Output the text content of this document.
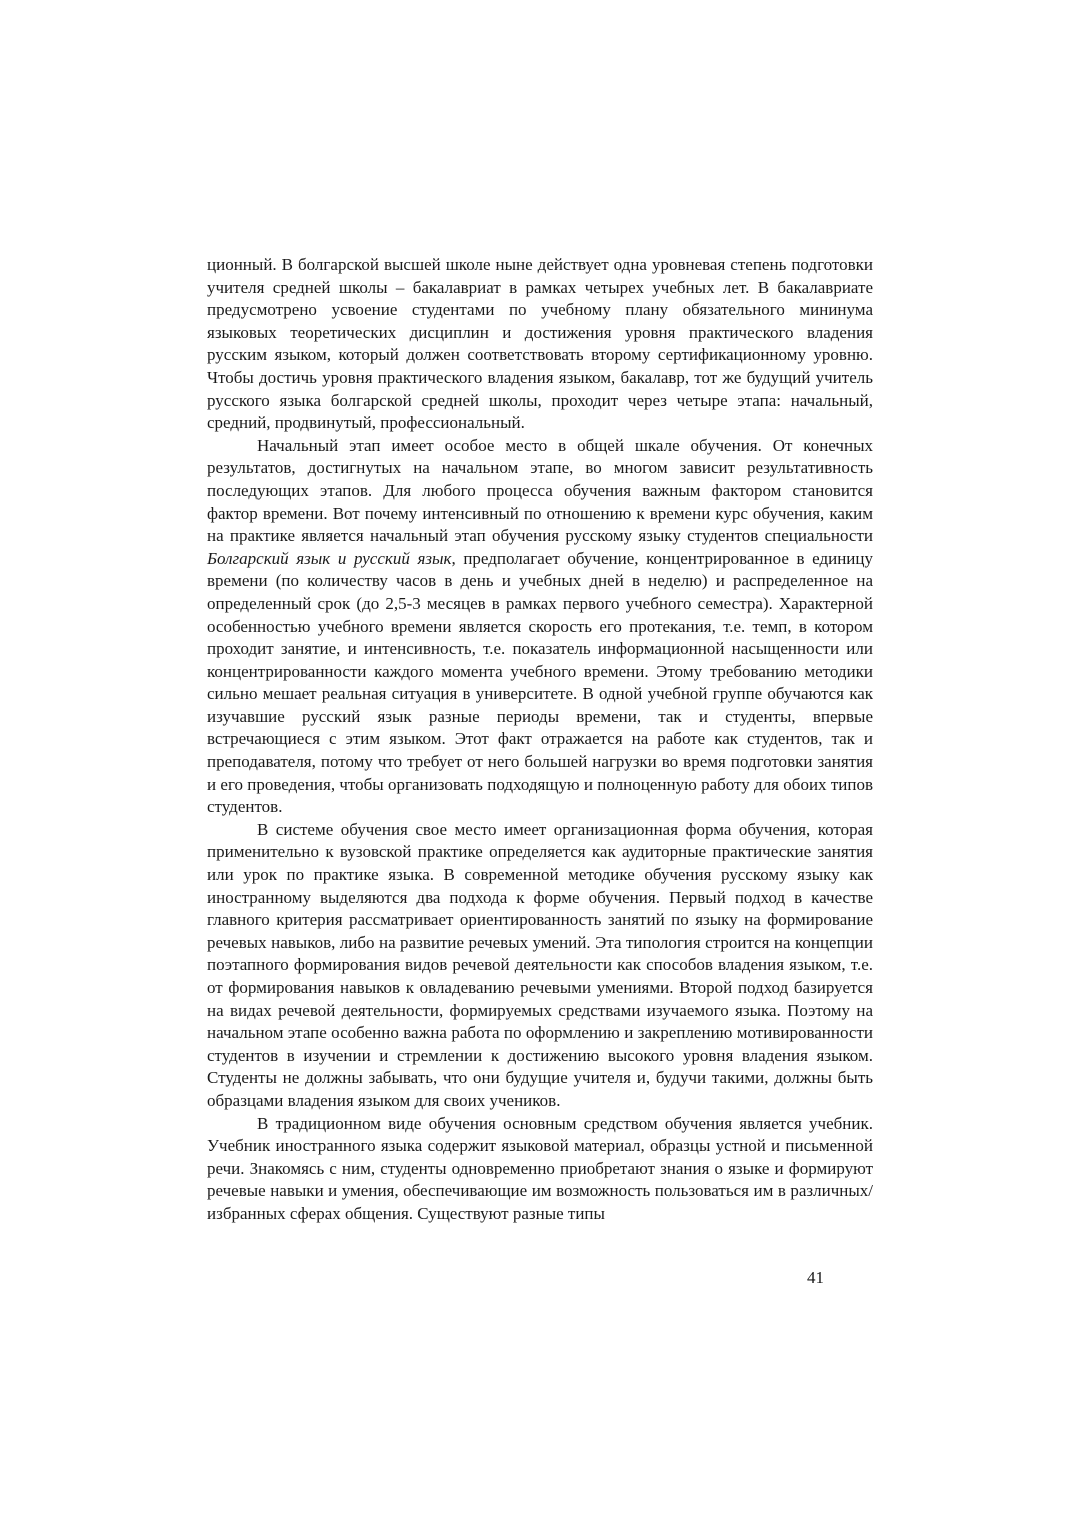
ционный. В болгарской высшей школе ныне действует одна уровневая степень подготовки учителя средней школы – бакалавриат в рамках четырех учебных лет. В бакалавриате предусмотрено усвоение студентами по учебному плану обязательного мининума языковых теоретических дисциплин и достижения уровня практического владения русским языком, который должен соответствовать второму сертификационному уровню. Чтобы достичь уровня практического владения языком, бакалавр, тот же будущий учитель русского языка болгарской средней школы, проходит через четыре этапа: начальный, средний, продвинутый, профессиональный.

Начальный этап имеет особое место в общей шкале обучения. От конечных результатов, достигнутых на начальном этапе, во многом зависит результативность последующих этапов. Для любого процесса обучения важным фактором становится фактор времени. Вот почему интенсивный по отношению к времени курс обучения, каким на практике является начальный этап обучения русскому языку студентов специальности Болгарский язык и русский язык, предполагает обучение, концентрированное в единицу времени (по количеству часов в день и учебных дней в неделю) и распределенное на определенный срок (до 2,5-3 месяцев в рамках первого учебного семестра). Характерной особенностью учебного времени является скорость его протекания, т.е. темп, в котором проходит занятие, и интенсивность, т.е. показатель информационной насыщенности или концентрированности каждого момента учебного времени. Этому требованию методики сильно мешает реальная ситуация в университете. В одной учебной группе обучаются как изучавшие русский язык разные периоды времени, так и студенты, впервые встречающиеся с этим языком. Этот факт отражается на работе как студентов, так и преподавателя, потому что требует от него большей нагрузки во время подготовки занятия и его проведения, чтобы организовать подходящую и полноценную работу для обоих типов студентов.

В системе обучения свое место имеет организационная форма обучения, которая применительно к вузовской практике определяется как аудиторные практические занятия или урок по практике языка. В современной методике обучения русскому языку как иностранному выделяются два подхода к форме обучения. Первый подход в качестве главного критерия рассматривает ориентированность занятий по языку на формирование речевых навыков, либо на развитие речевых умений. Эта типология строится на концепции поэтапного формирования видов речевой деятельности как способов владения языком, т.е. от формирования навыков к овладеванию речевыми умениями. Второй подход базируется на видах речевой деятельности, формируемых средствами изучаемого языка. Поэтому на начальном этапе особенно важна работа по оформлению и закреплению мотивированности студентов в изучении и стремлении к достижению высокого уровня владения языком. Студенты не должны забывать, что они будущие учителя и, будучи такими, должны быть образцами владения языком для своих учеников.

В традиционном виде обучения основным средством обучения является учебник. Учебник иностранного языка содержит языковой материал, образцы устной и письменной речи. Знакомясь с ним, студенты одновременно приобретают знания о языке и формируют речевые навыки и умения, обеспечивающие им возможность пользоваться им в различных/избранных сферах общения. Существуют разные типы

41
